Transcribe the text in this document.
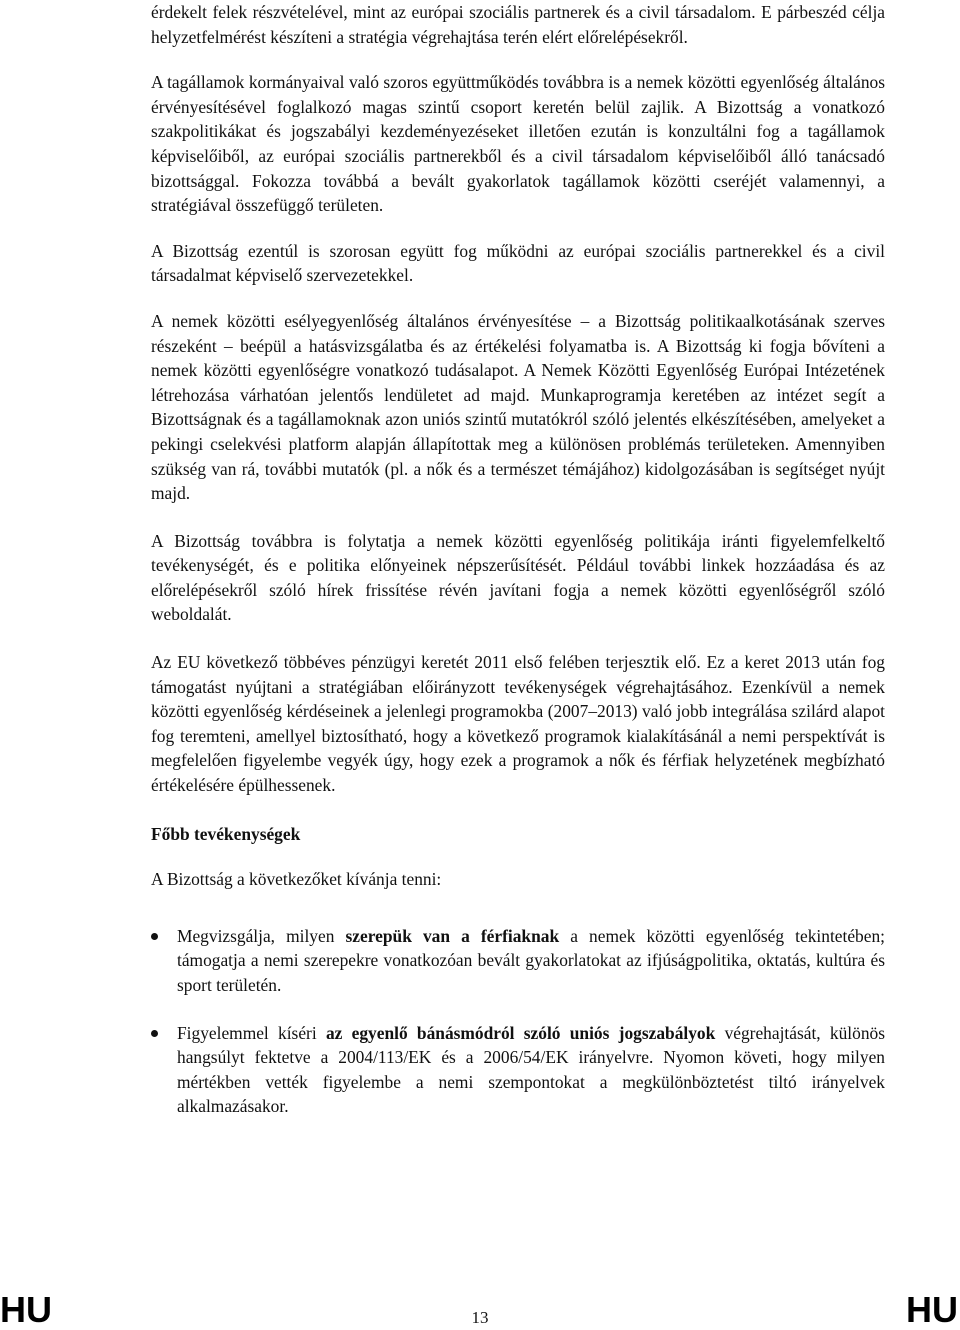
érdekelt felek részvételével, mint az európai szociális partnerek és a civil társadalom. E párbeszéd célja helyzetfelmérést készíteni a stratégia végrehajtása terén elért előrelépésekről.

A tagállamok kormányaival való szoros együttműködés továbbra is a nemek közötti egyenlőség általános érvényesítésével foglalkozó magas szintű csoport keretén belül zajlik. A Bizottság a vonatkozó szakpolitikákat és jogszabályi kezdeményezéseket illetően ezután is konzultálni fog a tagállamok képviselőiből, az európai szociális partnerekből és a civil társadalom képviselőiből álló tanácsadó bizottsággal. Fokozza továbbá a bevált gyakorlatok tagállamok közötti cseréjét valamennyi, a stratégiával összefüggő területen.

A Bizottság ezentúl is szorosan együtt fog működni az európai szociális partnerekkel és a civil társadalmat képviselő szervezetekkel.

A nemek közötti esélyegyenlőség általános érvényesítése – a Bizottság politikaalkotásának szerves részeként – beépül a hatásvizsgálatba és az értékelési folyamatba is. A Bizottság ki fogja bővíteni a nemek közötti egyenlőségre vonatkozó tudásalapot. A Nemek Közötti Egyenlőség Európai Intézetének létrehozása várhatóan jelentős lendületet ad majd. Munkaprogramja keretében az intézet segít a Bizottságnak és a tagállamoknak azon uniós szintű mutatókról szóló jelentés elkészítésében, amelyeket a pekingi cselekvési platform alapján állapítottak meg a különösen problémás területeken. Amennyiben szükség van rá, további mutatók (pl. a nők és a természet témájához) kidolgozásában is segítséget nyújt majd.

A Bizottság továbbra is folytatja a nemek közötti egyenlőség politikája iránti figyelemfelkeltő tevékenységét, és e politika előnyeinek népszerűsítését. Például további linkek hozzáadása és az előrelépésekről szóló hírek frissítése révén javítani fogja a nemek közötti egyenlőségről szóló weboldalát.

Az EU következő többéves pénzügyi keretét 2011 első felében terjesztik elő. Ez a keret 2013 után fog támogatást nyújtani a stratégiában előirányzott tevékenységek végrehajtásához. Ezenkívül a nemek közötti egyenlőség kérdéseinek a jelenlegi programokba (2007–2013) való jobb integrálása szilárd alapot fog teremteni, amellyel biztosítható, hogy a következő programok kialakításánál a nemi perspektívát is megfelelően figyelembe vegyék úgy, hogy ezek a programok a nők és férfiak helyzetének megbízható értékelésére épülhessenek.

Főbb tevékenységek

A Bizottság a következőket kívánja tenni:

Megvizsgálja, milyen szerepük van a férfiaknak a nemek közötti egyenlőség tekintetében; támogatja a nemi szerepekre vonatkozóan bevált gyakorlatokat az ifjúságpolitika, oktatás, kultúra és sport területén.
Figyelemmel kíséri az egyenlő bánásmódról szóló uniós jogszabályok végrehajtását, különös hangsúlyt fektetve a 2004/113/EK és a 2006/54/EK irányelvre. Nyomon követi, hogy milyen mértékben vették figyelembe a nemi szempontokat a megkülönböztetést tiltó irányelvek alkalmazásakor.
HU	13	HU
